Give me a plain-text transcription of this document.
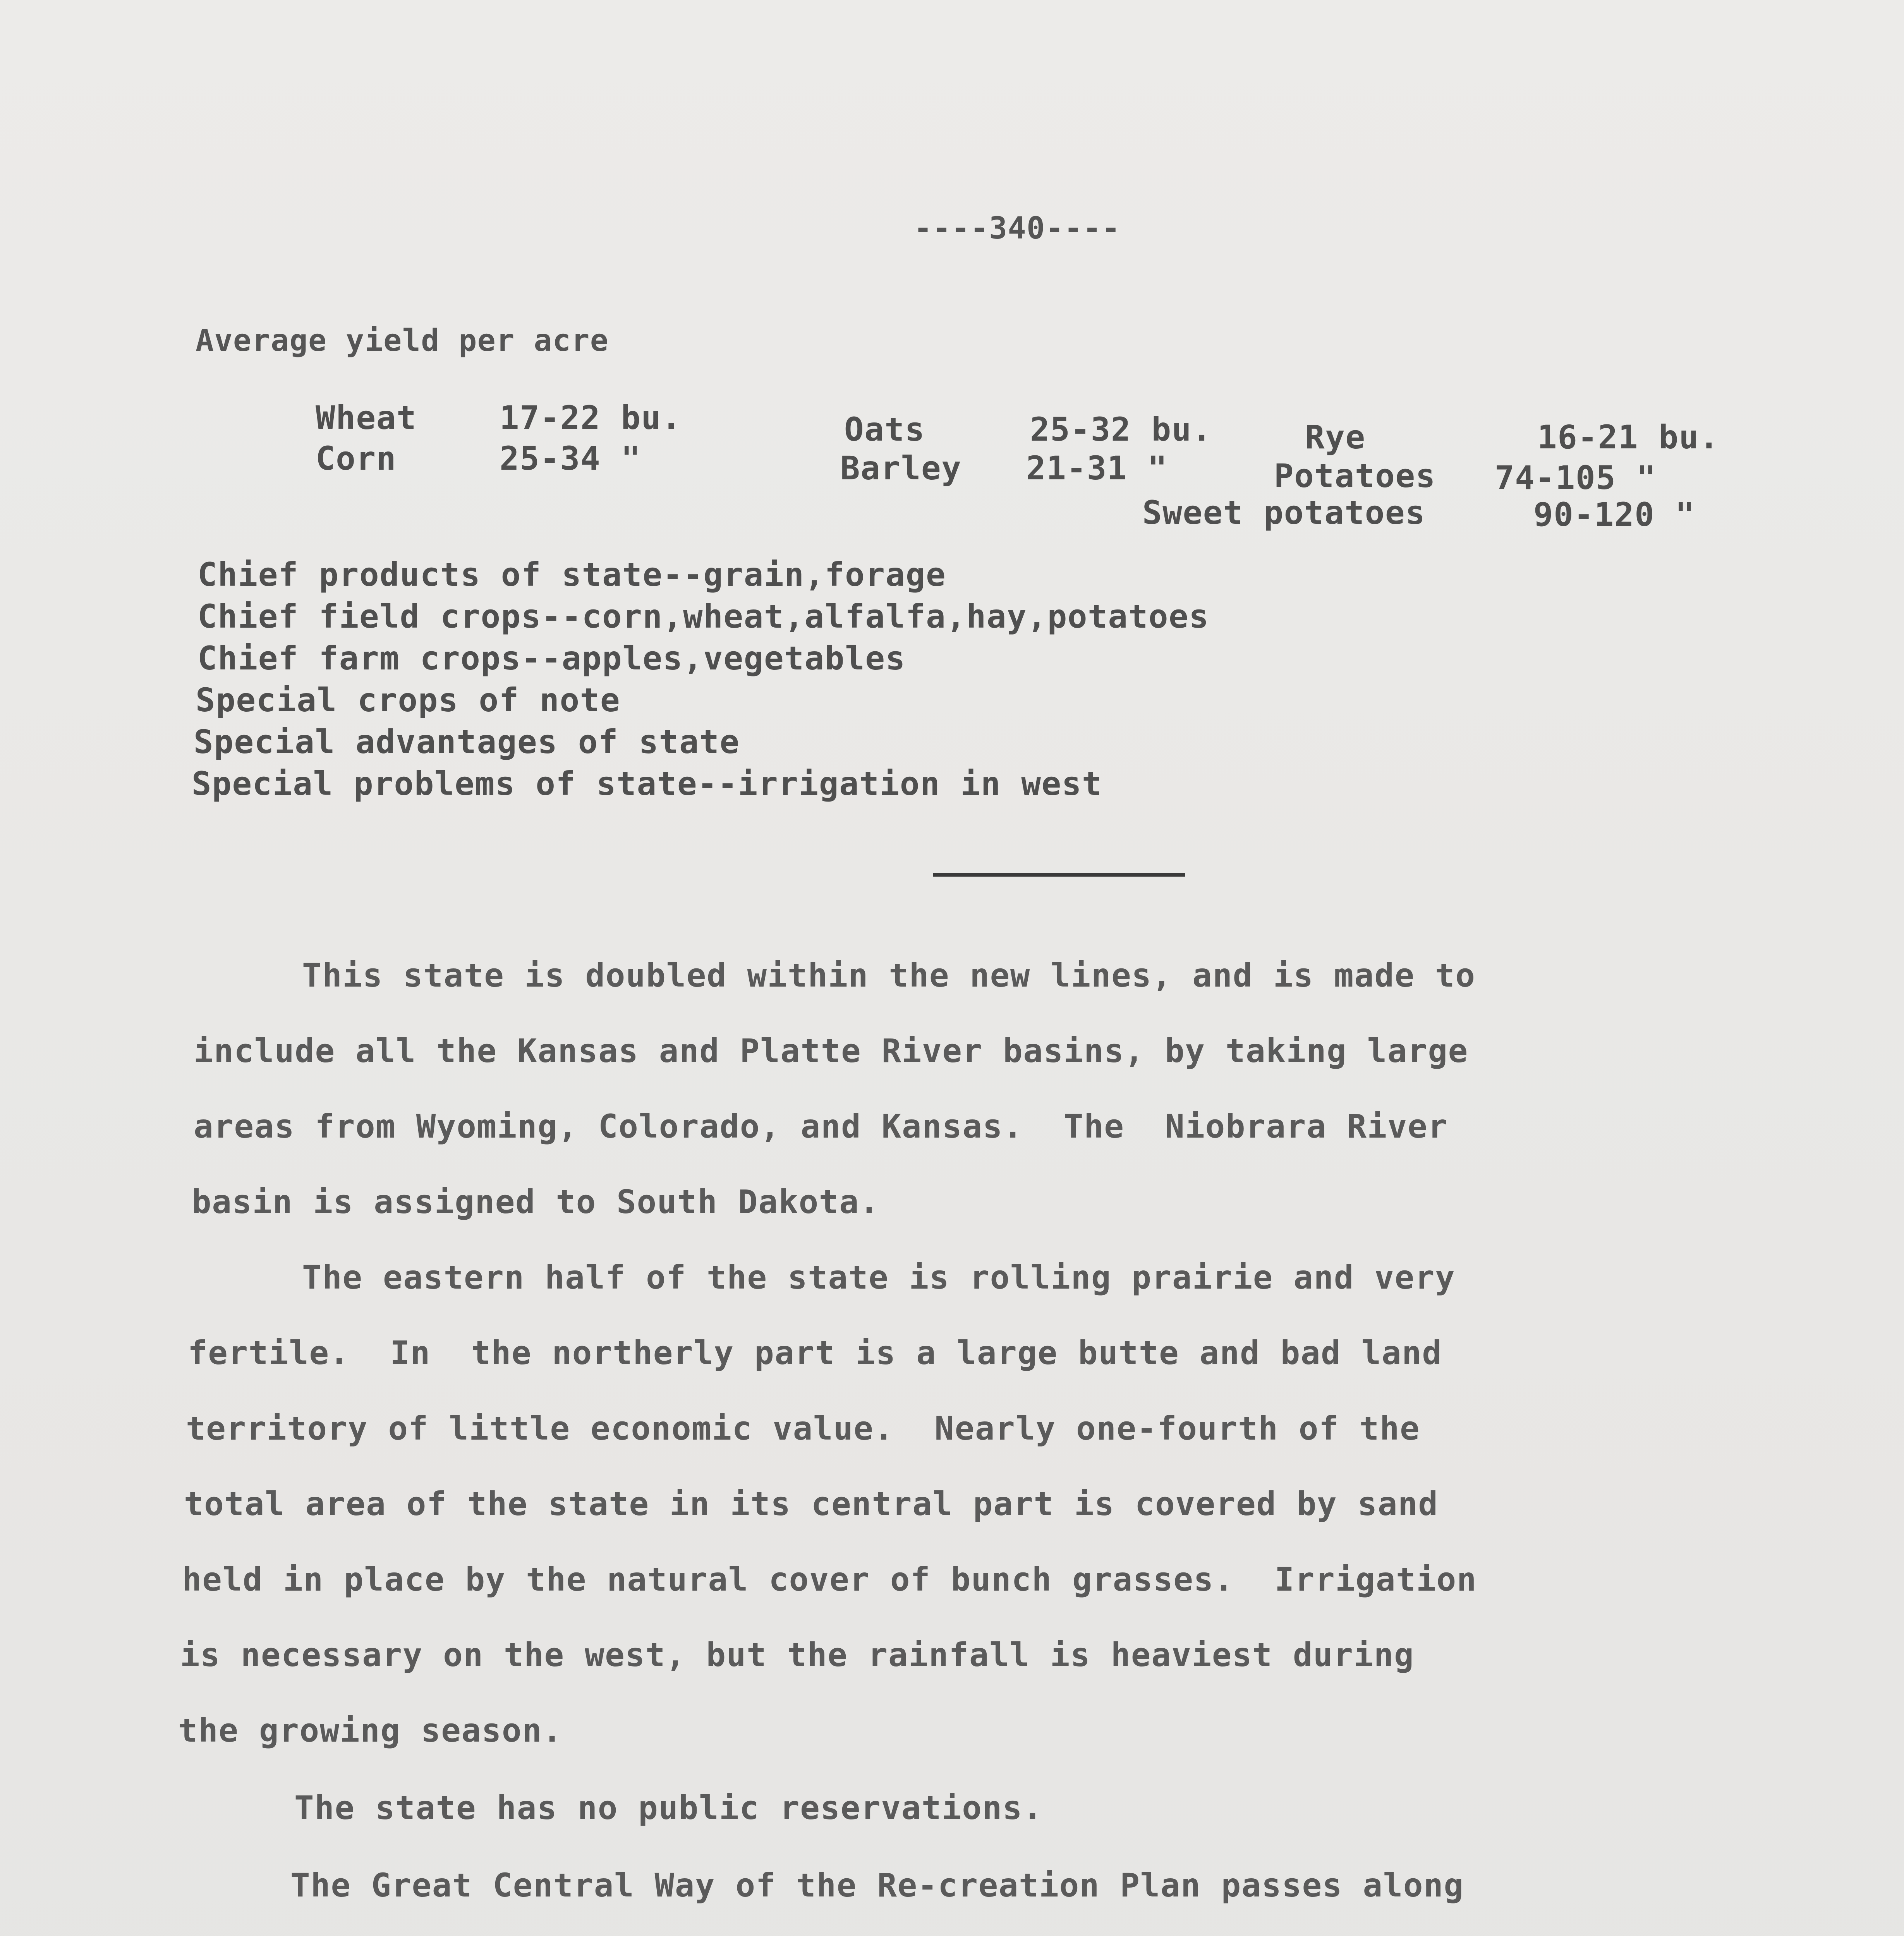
----340----
Average yield per acre
Wheat	17-22 bu.
Corn	25-34 "
Oats	25-32 bu.
Barley 21-31 "
Rye	16-21 bu.
Potatoes 74-105 "
Sweet potatoes	90-120 "
Chief products of state--grain,forage
Chief field crops--corn,wheat,alfalfa,hay,potatoes
Chief farm crops--apples,vegetables
Special crops of note
Special advantages of state
Special problems of state--irrigation in west
This state is doubled within the new lines, and is made to
include all the Kansas and Platte River basins, by taking large
areas from Wyoming, Colorado, and Kansas.  The  Niobrara River
basin is assigned to South Dakota.
The eastern half of the state is rolling prairie and very
fertile.  In  the northerly part is a large butte and bad land
territory of little economic value.  Nearly one-fourth of the
total area of the state in its central part is covered by sand
held in place by the natural cover of bunch grasses.  Irrigation
is necessary on the west, but the rainfall is heaviest during
the growing season.
The state has no public reservations.
The Great Central Way of the Re-creation Plan passes along
